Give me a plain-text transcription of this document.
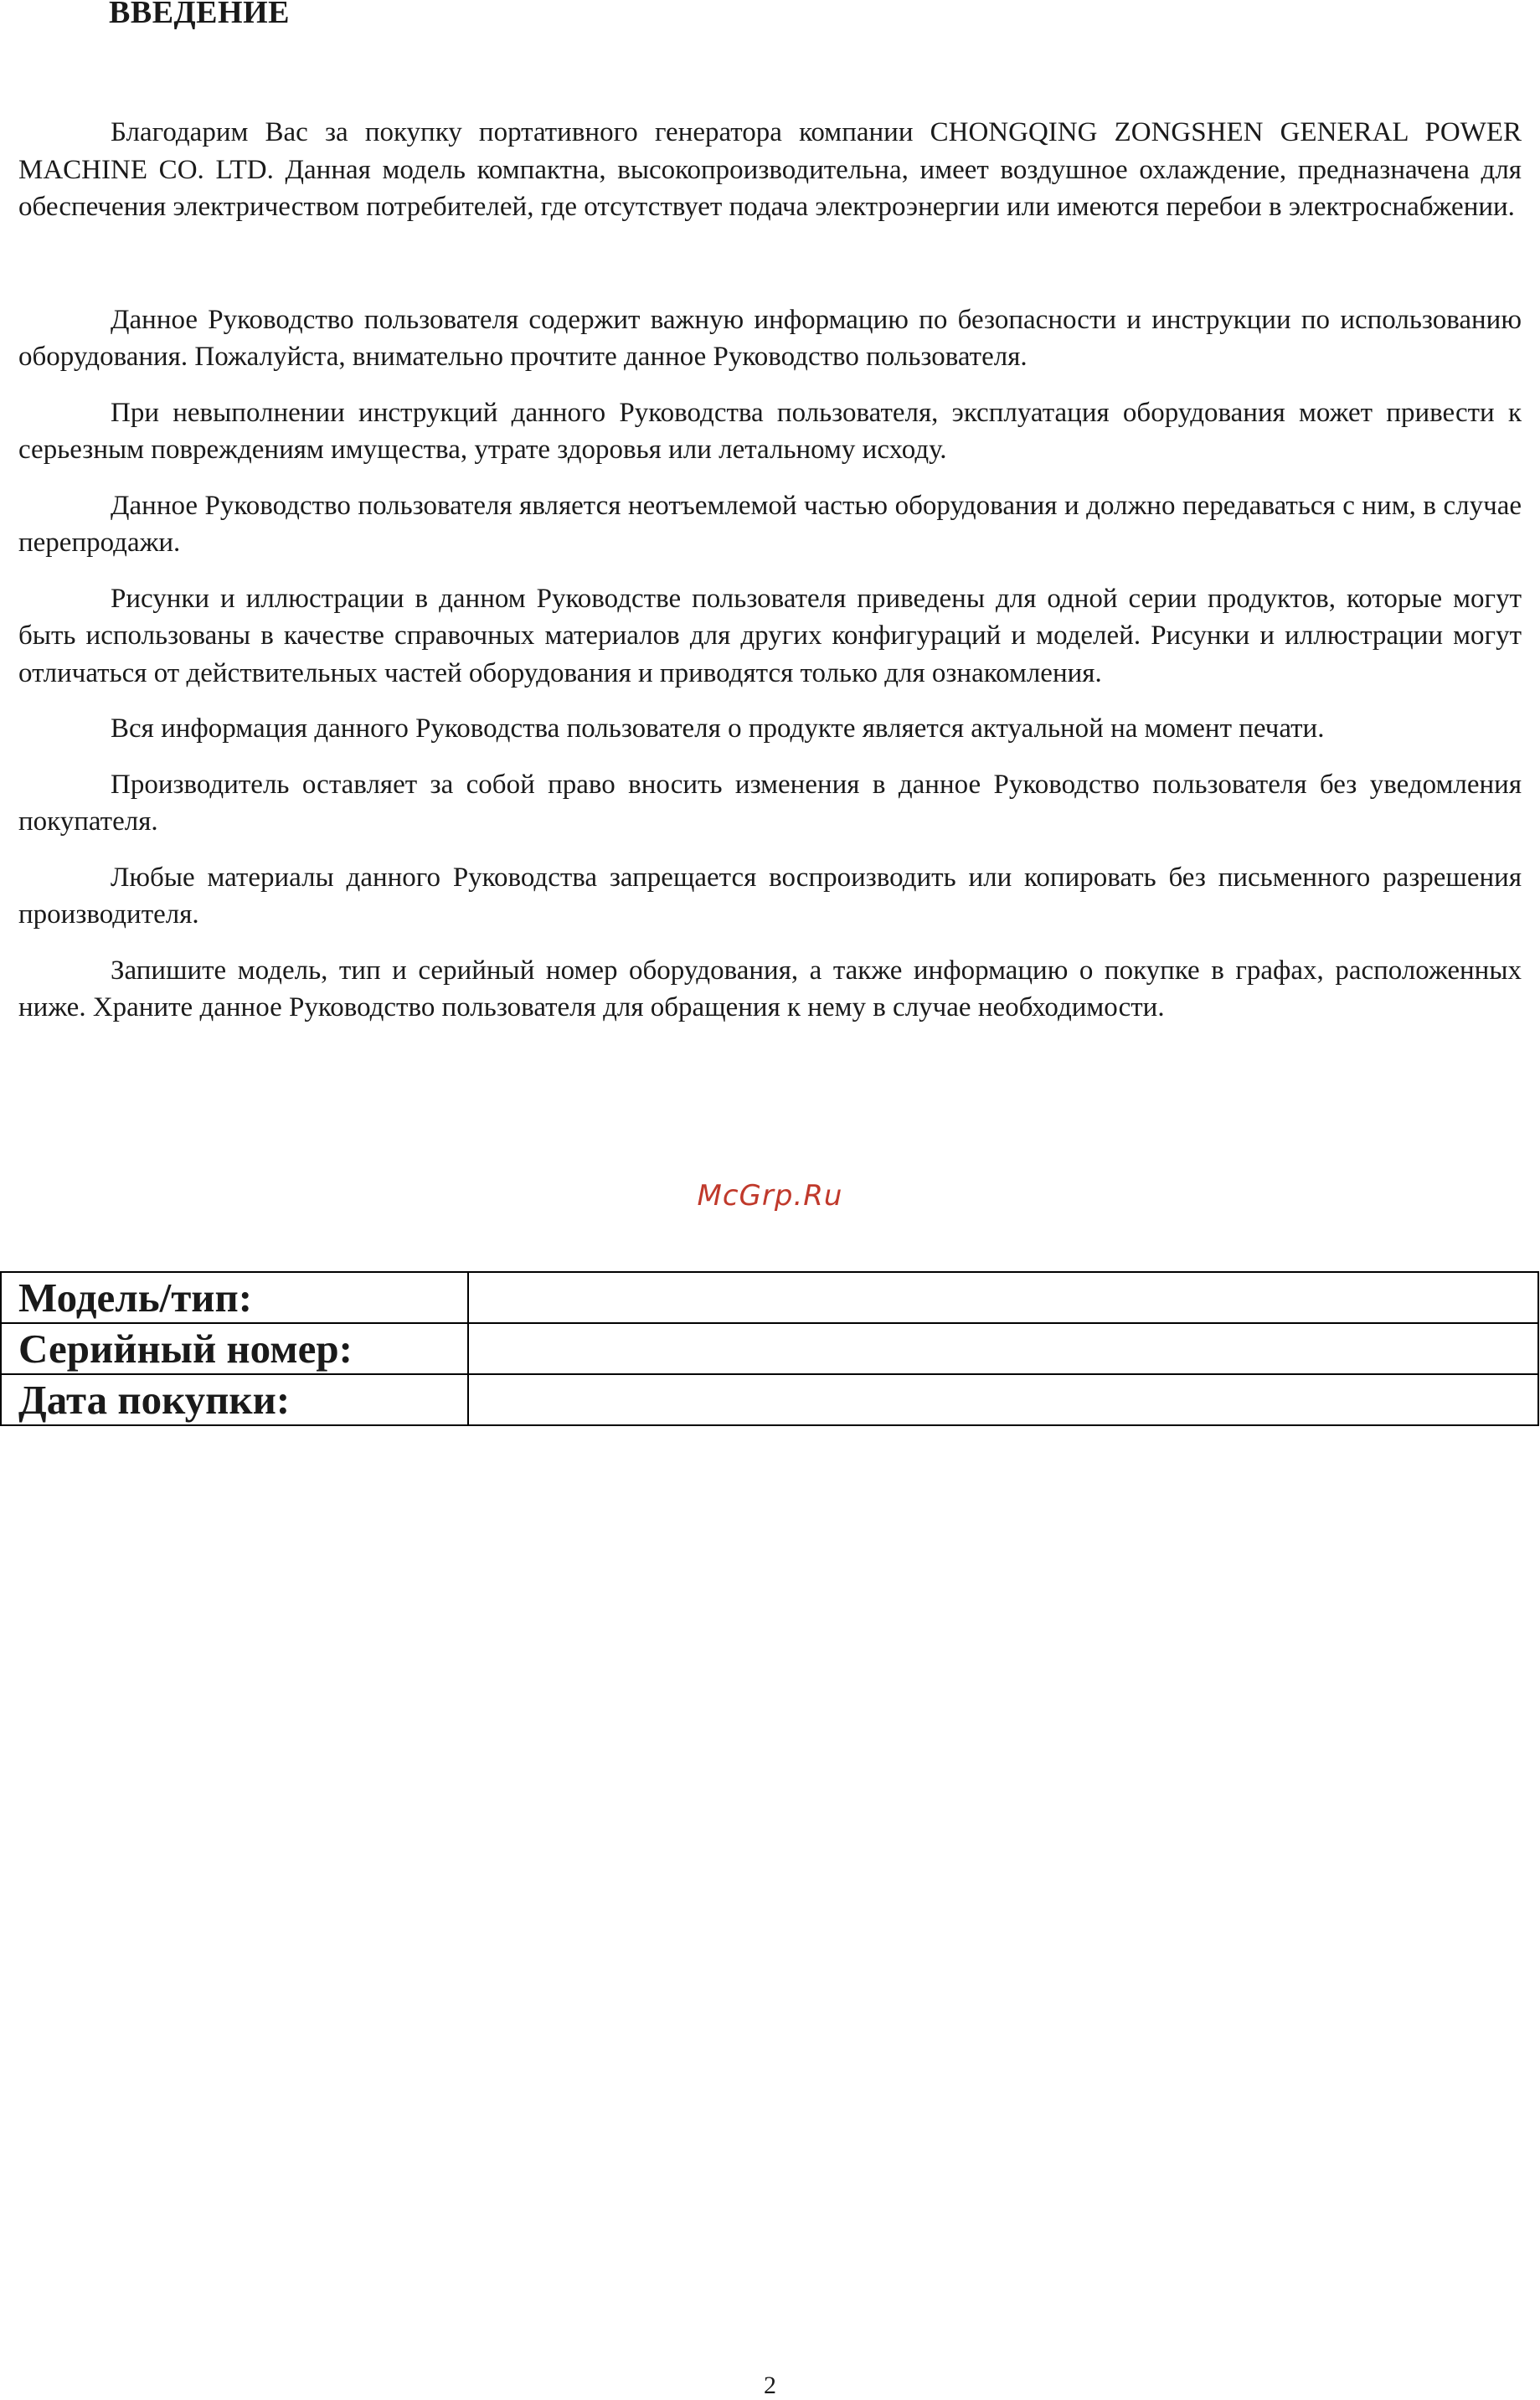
ВВЕДЕНИЕ

Благодарим Вас за покупку портативного генератора компании CHONGQING ZONGSHEN GENERAL POWER MACHINE CO. LTD. Данная модель компактна, высокопроизводительна, имеет воздушное охлаждение, предназначена для обеспечения электричеством потребителей, где отсутствует подача электроэнергии или имеются перебои в электроснабжении.

Данное Руководство пользователя содержит важную информацию по безопасности и инструкции по использованию оборудования. Пожалуйста, внимательно прочтите данное Руководство пользователя.

При невыполнении инструкций данного Руководства пользователя, эксплуатация оборудования может привести к серьезным повреждениям имущества, утрате здоровья или летальному исходу.

Данное Руководство пользователя является неотъемлемой частью оборудования и должно передаваться с ним, в случае перепродажи.

Рисунки и иллюстрации в данном Руководстве пользователя приведены для одной серии продуктов, которые могут быть использованы в качестве справочных материалов для других конфигураций и моделей. Рисунки и иллюстрации могут отличаться от действительных частей оборудования и приводятся только для ознакомления.

Вся информация данного Руководства пользователя о продукте является актуальной на момент печати.

Производитель оставляет за собой право вносить изменения в данное Руководство пользователя без уведомления покупателя.

Любые материалы данного Руководства запрещается воспроизводить или копировать без письменного разрешения производителя.

Запишите модель, тип и серийный номер оборудования, а также информацию о покупке в графах, расположенных ниже. Храните данное Руководство пользователя для обращения к нему в случае необходимости.

McGrp.Ru
Модель/тип:	
Серийный номер:	
Дата покупки:	
2
